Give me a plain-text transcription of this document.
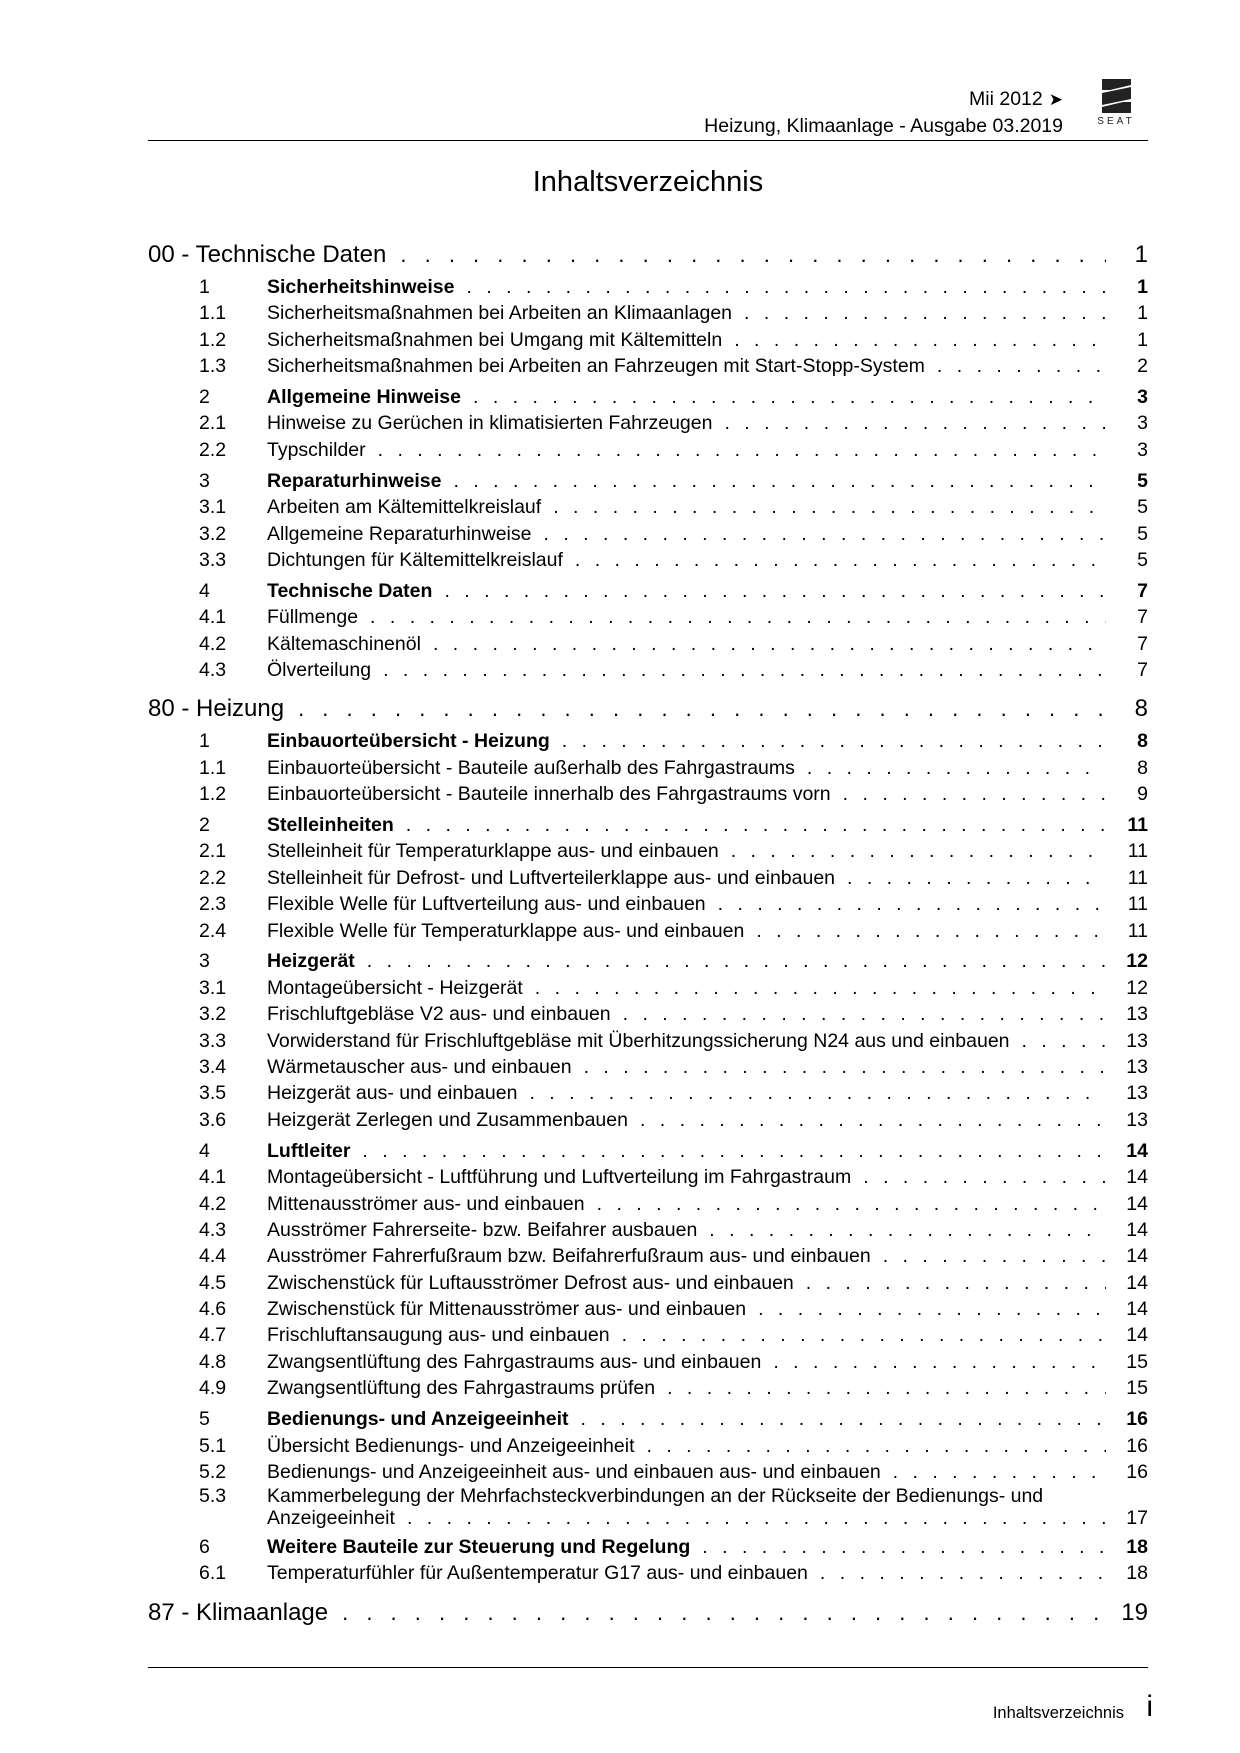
Mii 2012 ➤
Heizung, Klimaanlage - Ausgabe 03.2019	SEAT
Inhaltsverzeichnis
00 - Technische Daten . . .	1
1	Sicherheitshinweise . . .	1
1.1	Sicherheitsmaßnahmen bei Arbeiten an Klimaanlagen . . .	1
1.2	Sicherheitsmaßnahmen bei Umgang mit Kältemitteln . . .	1
1.3	Sicherheitsmaßnahmen bei Arbeiten an Fahrzeugen mit Start-Stopp-System . . .	2
2	Allgemeine Hinweise . . .	3
2.1	Hinweise zu Gerüchen in klimatisierten Fahrzeugen . . .	3
2.2	Typschilder . . .	3
3	Reparaturhinweise . . .	5
3.1	Arbeiten am Kältemittelkreislauf . . .	5
3.2	Allgemeine Reparaturhinweise . . .	5
3.3	Dichtungen für Kältemittelkreislauf . . .	5
4	Technische Daten . . .	7
4.1	Füllmenge . . .	7
4.2	Kältemaschinenöl . . .	7
4.3	Ölverteilung . . .	7
80 - Heizung . . .	8
1	Einbauorteübersicht - Heizung . . .	8
1.1	Einbauorteübersicht - Bauteile außerhalb des Fahrgastraums . . .	8
1.2	Einbauorteübersicht - Bauteile innerhalb des Fahrgastraums vorn . . .	9
2	Stelleinheiten . . .	11
2.1	Stelleinheit für Temperaturklappe aus- und einbauen . . .	11
2.2	Stelleinheit für Defrost- und Luftverteilerklappe aus- und einbauen . . .	11
2.3	Flexible Welle für Luftverteilung aus- und einbauen . . .	11
2.4	Flexible Welle für Temperaturklappe aus- und einbauen . . .	11
3	Heizgerät . . .	12
3.1	Montageübersicht - Heizgerät . . .	12
3.2	Frischluftgebläse V2 aus- und einbauen . . .	13
3.3	Vorwiderstand für Frischluftgebläse mit Überhitzungssicherung N24 aus und einbauen . . .	13
3.4	Wärmetauscher aus- und einbauen . . .	13
3.5	Heizgerät aus- und einbauen . . .	13
3.6	Heizgerät Zerlegen und Zusammenbauen . . .	13
4	Luftleiter . . .	14
4.1	Montageübersicht - Luftführung und Luftverteilung im Fahrgastraum . . .	14
4.2	Mittenausströmer aus- und einbauen . . .	14
4.3	Ausströmer Fahrerseite- bzw. Beifahrer ausbauen . . .	14
4.4	Ausströmer Fahrerfußraum bzw. Beifahrerfußraum aus- und einbauen . . .	14
4.5	Zwischenstück für Luftausströmer Defrost aus- und einbauen . . .	14
4.6	Zwischenstück für Mittenausströmer aus- und einbauen . . .	14
4.7	Frischluftansaugung aus- und einbauen . . .	14
4.8	Zwangsentlüftung des Fahrgastraums aus- und einbauen . . .	15
4.9	Zwangsentlüftung des Fahrgastraums prüfen . . .	15
5	Bedienungs- und Anzeigeeinheit . . .	16
5.1	Übersicht Bedienungs- und Anzeigeeinheit . . .	16
5.2	Bedienungs- und Anzeigeeinheit aus- und einbauen aus- und einbauen . . .	16
5.3	Kammerbelegung der Mehrfachsteckverbindungen an der Rückseite der Bedienungs- und
Anzeigeeinheit . . .	17
6	Weitere Bauteile zur Steuerung und Regelung . . .	18
6.1	Temperaturfühler für Außentemperatur G17 aus- und einbauen . . .	18
87 - Klimaanlage . . .	19
Inhaltsverzeichnis i
